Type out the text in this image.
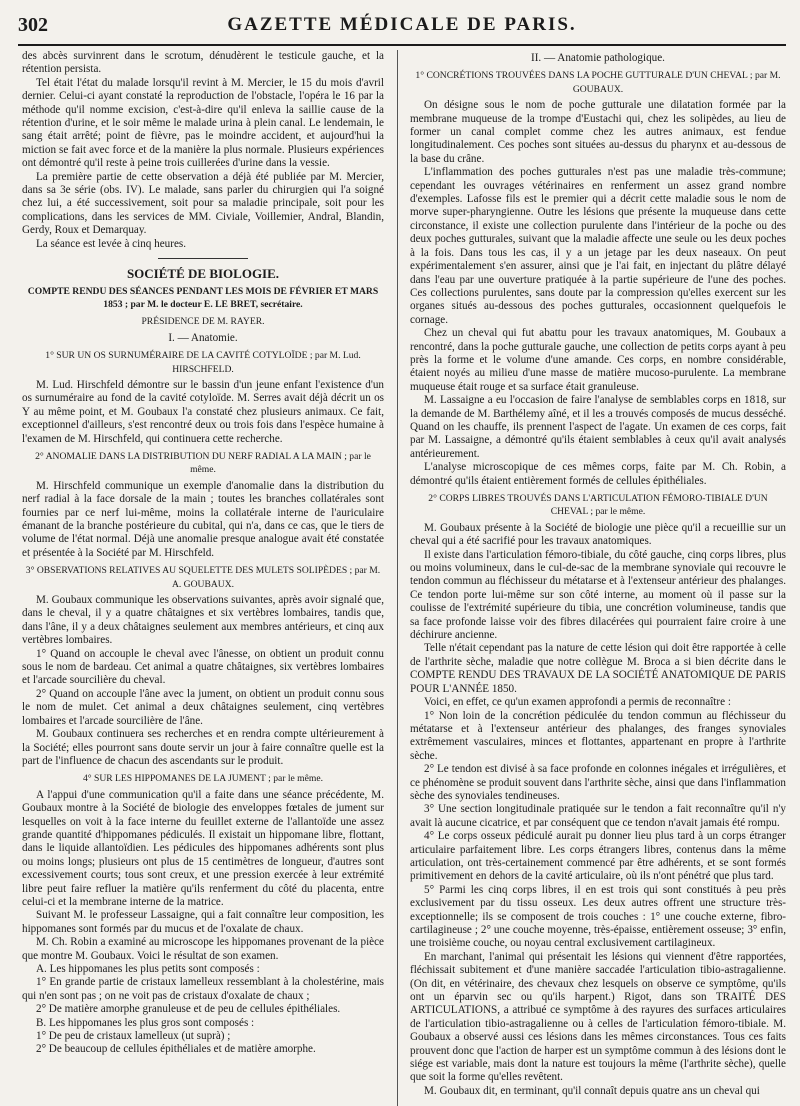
GAZETTE MÉDICALE DE PARIS.
302

des abcès survinrent dans le scrotum, dénudèrent le testicule gauche, et la rétention persista.

Tel était l'état du malade lorsqu'il revint à M. Mercier, le 15 du mois d'avril dernier. Celui-ci ayant constaté la reproduction de l'obstacle, l'opéra le 16 par la méthode qu'il nomme excision, c'est-à-dire qu'il enleva la saillie cause de la rétention d'urine, et le soir même le malade urina à plein canal. Le lendemain, le sang était arrêté; point de fièvre, pas le moindre accident, et aujourd'hui la miction se fait avec force et de la manière la plus normale. Plusieurs expériences ont démontré qu'il reste à peine trois cuillerées d'urine dans la vessie.

La première partie de cette observation a déjà été publiée par M. Mercier, dans sa 3e série (obs. IV). Le malade, sans parler du chirurgien qui l'a soigné chez lui, a été successivement, soit pour sa maladie principale, soit pour les complications, dans les services de MM. Civiale, Voillemier, Andral, Blandin, Gerdy, Roux et Demarquay.

La séance est levée à cinq heures.

SOCIÉTÉ DE BIOLOGIE.

COMPTE RENDU DES SÉANCES PENDANT LES MOIS DE FÉVRIER ET MARS 1853 ; par M. le docteur E. LE BRET, secrétaire.

PRÉSIDENCE DE M. RAYER.

I. — Anatomie.

1° SUR UN OS SURNUMÉRAIRE DE LA CAVITÉ COTYLOÏDE ; par M. Lud. HIRSCHFELD.

M. Lud. Hirschfeld démontre sur le bassin d'un jeune enfant l'existence d'un os surnuméraire au fond de la cavité cotyloïde. M. Serres avait déjà décrit un os Y au même point, et M. Goubaux l'a constaté chez plusieurs animaux. Ce fait, exceptionnel d'ailleurs, s'est rencontré deux ou trois fois dans l'espèce humaine à l'examen de M. Hirschfeld, qui continuera cette recherche.

2° ANOMALIE DANS LA DISTRIBUTION DU NERF RADIAL A LA MAIN ; par le même.

M. Hirschfeld communique un exemple d'anomalie dans la distribution du nerf radial à la face dorsale de la main ; toutes les branches collatérales sont fournies par ce nerf lui-même, moins la collatérale interne de l'auriculaire émanant de la branche postérieure du cubital, qui n'a, dans ce cas, que le tiers de volume de l'état normal. Déjà une anomalie presque analogue avait été constatée et présentée à la Société par M. Hirschfeld.

3° OBSERVATIONS RELATIVES AU SQUELETTE DES MULETS SOLIPÈDES ; par M. A. GOUBAUX.

M. Goubaux communique les observations suivantes, après avoir signalé que, dans le cheval, il y a quatre châtaignes et six vertèbres lombaires, tandis que, dans l'âne, il y a deux châtaignes seulement aux membres antérieurs, et cinq aux vertèbres lombaires.

1° Quand on accouple le cheval avec l'ânesse, on obtient un produit connu sous le nom de bardeau. Cet animal a quatre châtaignes, six vertèbres lombaires et l'arcade sourcilière du cheval.

2° Quand on accouple l'âne avec la jument, on obtient un produit connu sous le nom de mulet. Cet animal a deux châtaignes seulement, cinq vertèbres lombaires et l'arcade sourcilière de l'âne.

M. Goubaux continuera ses recherches et en rendra compte ultérieurement à la Société; elles pourront sans doute servir un jour à faire connaître quelle est la part de l'influence de chacun des ascendants sur le produit.

4° SUR LES HIPPOMANES DE LA JUMENT ; par le même.

A l'appui d'une communication qu'il a faite dans une séance précédente, M. Goubaux montre à la Société de biologie des enveloppes fœtales de jument sur lesquelles on voit à la face interne du feuillet externe de l'allantoïde une assez grande quantité d'hippomanes pédiculés. Il existait un hippomane libre, flottant, dans le liquide allantoïdien. Les pédicules des hippomanes adhérents sont plus ou moins longs; plusieurs ont plus de 15 centimètres de longueur, d'autres sont excessivement courts; tous sont creux, et une pression exercée à leur extrémité libre peut faire refluer la matière qu'ils renferment du côté du placenta, entre celui-ci et la membrane interne de la matrice.

Suivant M. le professeur Lassaigne, qui a fait connaître leur composition, les hippomanes sont formés par du mucus et de l'oxalate de chaux.

M. Ch. Robin a examiné au microscope les hippomanes provenant de la pièce que montre M. Goubaux. Voici le résultat de son examen.

A. Les hippomanes les plus petits sont composés :

1° En grande partie de cristaux lamelleux ressemblant à la cholestérine, mais qui n'en sont pas ; on ne voit pas de cristaux d'oxalate de chaux ;

2° De matière amorphe granuleuse et de peu de cellules épithéliales.

B. Les hippomanes les plus gros sont composés :

1° De peu de cristaux lamelleux (ut suprà) ;

2° De beaucoup de cellules épithéliales et de matière amorphe.

II. — Anatomie pathologique.

1° CONCRÉTIONS TROUVÉES DANS LA POCHE GUTTURALE D'UN CHEVAL ; par M. GOUBAUX.

On désigne sous le nom de poche gutturale une dilatation formée par la membrane muqueuse de la trompe d'Eustachi qui, chez les solipèdes, au lieu de former un canal complet comme chez les autres animaux, est fendue longitudinalement. Ces poches sont situées au-dessus du pharynx et au-dessous de la base du crâne.

L'inflammation des poches gutturales n'est pas une maladie très-commune; cependant les ouvrages vétérinaires en renferment un assez grand nombre d'exemples. Lafosse fils est le premier qui a décrit cette maladie sous le nom de morve super-pharyngienne. Outre les lésions que présente la muqueuse dans cette circonstance, il existe une collection purulente dans l'intérieur de la poche ou des deux poches gutturales, suivant que la maladie affecte une seule ou les deux poches à la fois. Dans tous les cas, il y a un jetage par les deux naseaux. On peut expérimentalement s'en assurer, ainsi que je l'ai fait, en injectant du plâtre délayé dans l'eau par une ouverture pratiquée à la partie supérieure de l'une des poches. Ces collections purulentes, sans doute par la compression qu'elles exercent sur les organes situés au-dessous des poches gutturales, occasionnent quelquefois le cornage.

Chez un cheval qui fut abattu pour les travaux anatomiques, M. Goubaux a rencontré, dans la poche gutturale gauche, une collection de petits corps ayant à peu près la forme et le volume d'une amande. Ces corps, en nombre considérable, étaient noyés au milieu d'une masse de matière mucoso-purulente. La membrane muqueuse était rouge et sa surface était granuleuse.

M. Lassaigne a eu l'occasion de faire l'analyse de semblables corps en 1818, sur la demande de M. Barthélemy aîné, et il les a trouvés composés de mucus desséché. Quand on les chauffe, ils prennent l'aspect de l'agate. Un examen de ces corps, fait par M. Lassaigne, a démontré qu'ils étaient semblables à ceux qu'il avait analysés antérieurement.

L'analyse microscopique de ces mêmes corps, faite par M. Ch. Robin, a démontré qu'ils étaient entièrement formés de cellules épithéliales.

2° CORPS LIBRES TROUVÉS DANS L'ARTICULATION FÉMORO-TIBIALE D'UN CHEVAL ; par le même.

M. Goubaux présente à la Société de biologie une pièce qu'il a recueillie sur un cheval qui a été sacrifié pour les travaux anatomiques.

Il existe dans l'articulation fémoro-tibiale, du côté gauche, cinq corps libres, plus ou moins volumineux, dans le cul-de-sac de la membrane synoviale qui recouvre le tendon commun au fléchisseur du métatarse et à l'extenseur antérieur des phalanges. Ce tendon porte lui-même sur son côté interne, au moment où il passe sur la coulisse de l'extrémité supérieure du tibia, une concrétion volumineuse, tandis que sa face profonde laisse voir des fibres dilacérées qui pourraient faire croire à une déchirure ancienne.

Telle n'était cependant pas la nature de cette lésion qui doit être rapportée à celle de l'arthrite sèche, maladie que notre collègue M. Broca a si bien décrite dans le COMPTE RENDU DES TRAVAUX DE LA SOCIÉTÉ ANATOMIQUE DE PARIS POUR L'ANNÉE 1850.

Voici, en effet, ce qu'un examen approfondi a permis de reconnaître :

1° Non loin de la concrétion pédiculée du tendon commun au fléchisseur du métatarse et à l'extenseur antérieur des phalanges, des franges synoviales extrêmement vasculaires, minces et flottantes, appartenant en propre à l'arthrite sèche.

2° Le tendon est divisé à sa face profonde en colonnes inégales et irrégulières, et ce phénomène se produit souvent dans l'arthrite sèche, ainsi que dans l'inflammation sèche des synoviales tendineuses.

3° Une section longitudinale pratiquée sur le tendon a fait reconnaître qu'il n'y avait là aucune cicatrice, et par conséquent que ce tendon n'avait jamais été rompu.

4° Le corps osseux pédiculé aurait pu donner lieu plus tard à un corps étranger articulaire parfaitement libre. Les corps étrangers libres, contenus dans la même articulation, ont très-certainement commencé par être adhérents, et se sont formés primitivement en dehors de la cavité articulaire, où ils n'ont pénétré que plus tard.

5° Parmi les cinq corps libres, il en est trois qui sont constitués à peu près exclusivement par du tissu osseux. Les deux autres offrent une structure très-exceptionnelle; ils se composent de trois couches : 1° une couche externe, fibro-cartilagineuse ; 2° une couche moyenne, très-épaisse, entièrement osseuse; 3° enfin, une troisième couche, ou noyau central exclusivement cartilagineux.

En marchant, l'animal qui présentait les lésions qui viennent d'être rapportées, fléchissait subitement et d'une manière saccadée l'articulation tibio-astragalienne. (On dit, en vétérinaire, des chevaux chez lesquels on observe ce symptôme, qu'ils ont un éparvin sec ou qu'ils harpent.) Rigot, dans son TRAITÉ DES ARTICULATIONS, a attribué ce symptôme à des rayures des surfaces articulaires de l'articulation tibio-astragalienne ou à celles de l'articulation fémoro-tibiale. M. Goubaux a observé aussi ces lésions dans les mêmes circonstances. Tous ces faits prouvent donc que l'action de harper est un symptôme commun à des lésions dont le siége est variable, mais dont la nature est toujours la même (l'arthrite sèche), quelle que soit la forme qu'elles revêtent.

M. Goubaux dit, en terminant, qu'il connaît depuis quatre ans un cheval qui
